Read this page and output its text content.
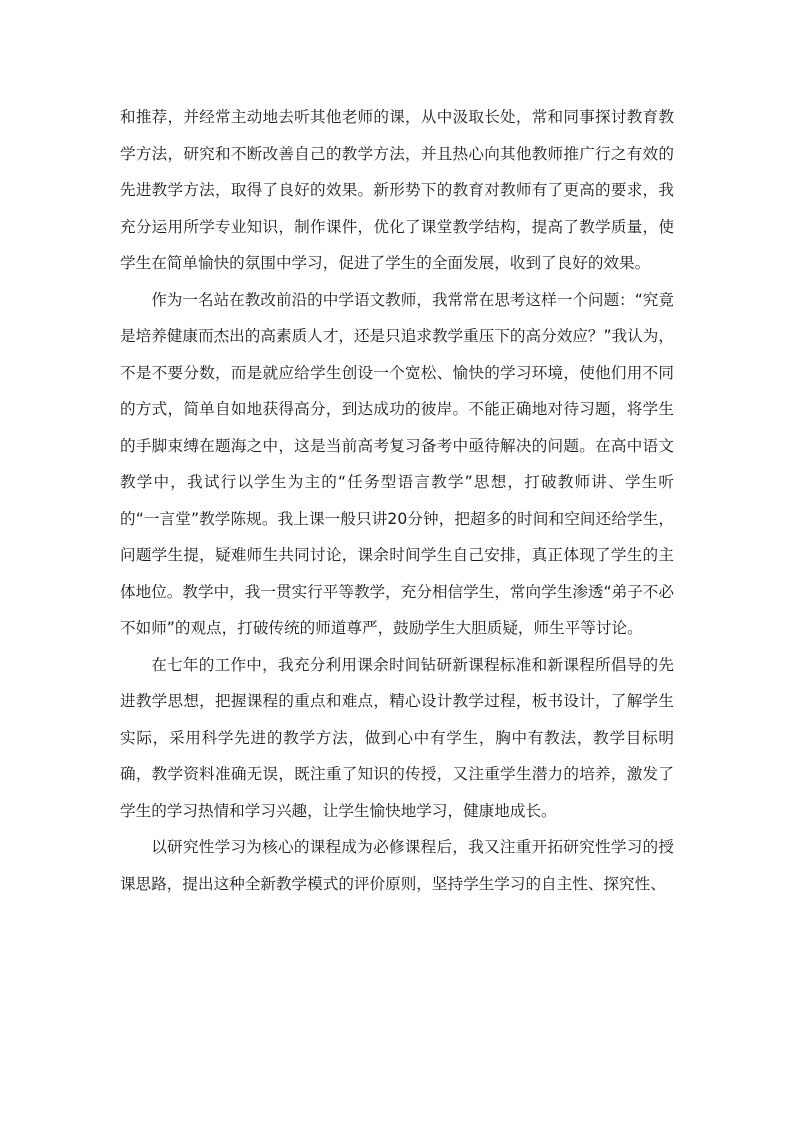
和推荐，并经常主动地去听其他老师的课，从中汲取长处，常和同事探讨教育教学方法，研究和不断改善自己的教学方法，并且热心向其他教师推广行之有效的先进教学方法，取得了良好的效果。新形势下的教育对教师有了更高的要求，我充分运用所学专业知识，制作课件，优化了课堂教学结构，提高了教学质量，使学生在简单愉快的氛围中学习，促进了学生的全面发展，收到了良好的效果。

作为一名站在教改前沿的中学语文教师，我常常在思考这样一个问题：“究竟是培养健康而杰出的高素质人才，还是只追求教学重压下的高分效应？”我认为，不是不要分数，而是就应给学生创设一个宽松、愉快的学习环境，使他们用不同的方式，简单自如地获得高分，到达成功的彼岸。不能正确地对待习题，将学生的手脚束缚在题海之中，这是当前高考复习备考中亟待解决的问题。在高中语文教学中，我试行以学生为主的“任务型语言教学”思想，打破教师讲、学生听的“一言堂”教学陈规。我上课一般只讲20分钟，把超多的时间和空间还给学生，问题学生提，疑难师生共同讨论，课余时间学生自己安排，真正体现了学生的主体地位。教学中，我一贯实行平等教学，充分相信学生，常向学生渗透“弟子不必不如师”的观点，打破传统的师道尊严，鼓励学生大胆质疑，师生平等讨论。

在七年的工作中，我充分利用课余时间钻研新课程标准和新课程所倡导的先进教学思想，把握课程的重点和难点，精心设计教学过程，板书设计，了解学生实际，采用科学先进的教学方法，做到心中有学生，胸中有教法，教学目标明确，教学资料准确无误，既注重了知识的传授，又注重学生潜力的培养，激发了学生的学习热情和学习兴趣，让学生愉快地学习，健康地成长。

以研究性学习为核心的课程成为必修课程后，我又注重开拓研究性学习的授课思路，提出这种全新教学模式的评价原则，坚持学生学习的自主性、探究性、
